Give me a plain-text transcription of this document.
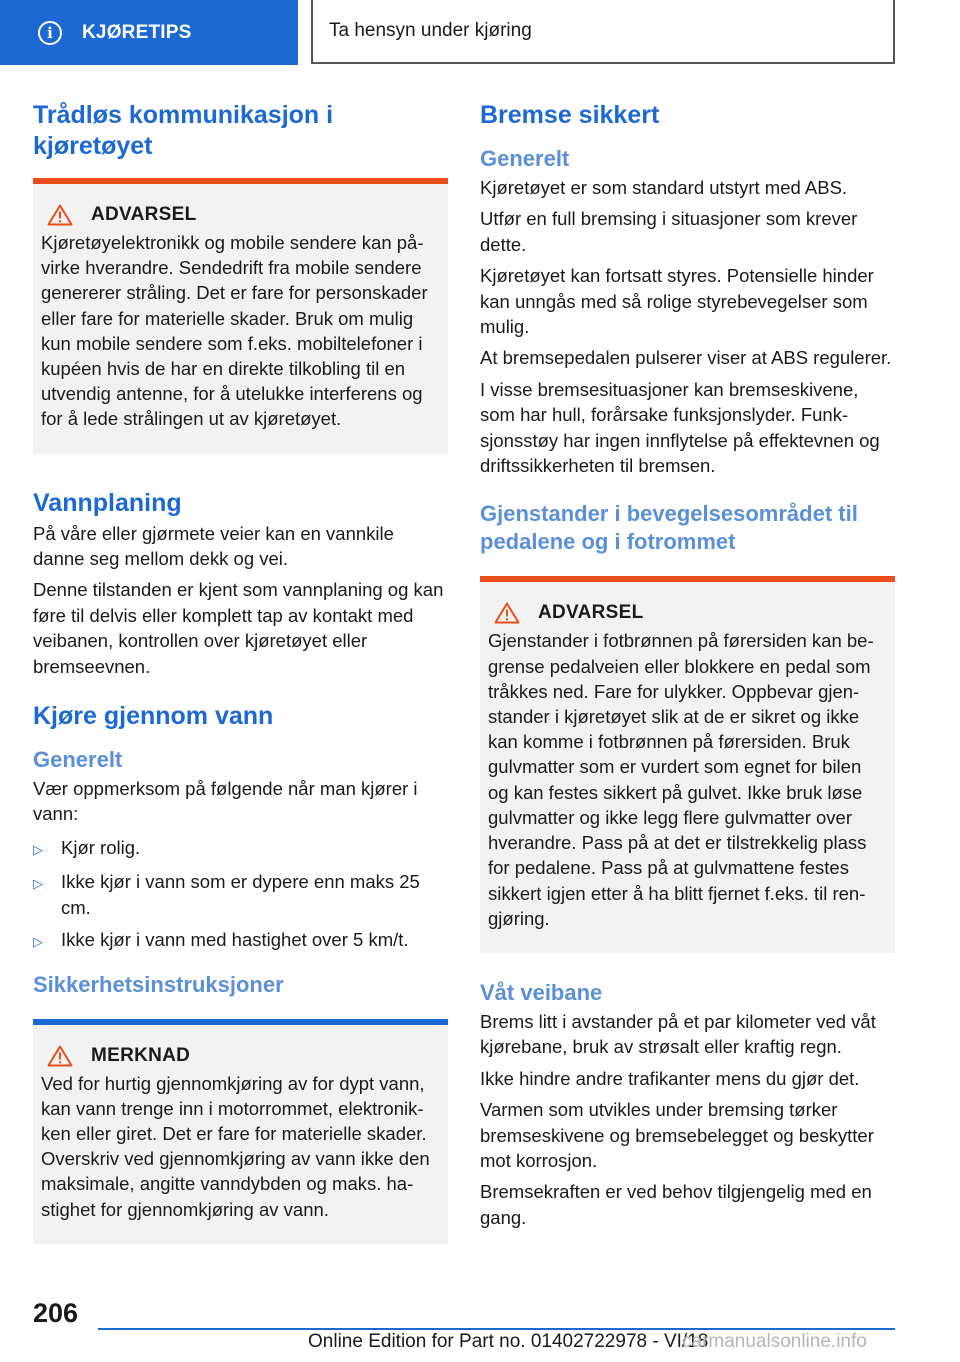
i	KJØRETIPS	Ta hensyn under kjøring
Trådløs kommunikasjon i kjøretøyet
ADVARSEL

Kjøretøyelektronikk og mobile sendere kan påvirke hverandre. Sendedrift fra mobile sendere genererer stråling. Det er fare for personskader eller fare for materielle skader. Bruk om mulig kun mobile sendere som f.eks. mobiltelefoner i kupéen hvis de har en direkte tilkobling til en utvendig antenne, for å utelukke interferens og for å lede strålingen ut av kjøretøyet.

Vannplaning

På våre eller gjørmete veier kan en vannkile danne seg mellom dekk og vei.

Denne tilstanden er kjent som vannplaning og kan føre til delvis eller komplett tap av kontakt med veibanen, kontrollen over kjøretøyet eller bremseevnen.

Kjøre gjennom vann
Generelt

Vær oppmerksom på følgende når man kjører i vann:

▷ Kjør rolig.
▷ Ikke kjør i vann som er dypere enn maks 25 cm.
▷ Ikke kjør i vann med hastighet over 5 km/t.
Sikkerhetsinstruksjoner
MERKNAD

Ved for hurtig gjennomkjøring av for dypt vann, kan vann trenge inn i motorrommet, elektronikken eller giret. Det er fare for materielle skader. Overskriv ved gjennomkjøring av vann ikke den maksimale, angitte vanndybden og maks. hastighet for gjennomkjøring av vann.

Bremse sikkert
Generelt

Kjøretøyet er som standard utstyrt med ABS.

Utfør en full bremsing i situasjoner som krever dette.

Kjøretøyet kan fortsatt styres. Potensielle hinder kan unngås med så rolige styrebevegelser som mulig.

At bremsepedalen pulserer viser at ABS regulerer.

I visse bremsesituasjoner kan bremseskivene, som har hull, forårsake funksjonslyder. Funksjonsstøy har ingen innflytelse på effektevnen og driftssikkerheten til bremsen.

Gjenstander i bevegelsesområdet til pedalene og i fotrommet
ADVARSEL

Gjenstander i fotbrønnen på førersiden kan begrense pedalveien eller blokkere en pedal som tråkkes ned. Fare for ulykker. Oppbevar gjenstander i kjøretøyet slik at de er sikret og ikke kan komme i fotbrønnen på førersiden. Bruk gulvmatter som er vurdert som egnet for bilen og kan festes sikkert på gulvet. Ikke bruk løse gulvmatter og ikke legg flere gulvmatter over hverandre. Pass på at det er tilstrekkelig plass for pedalene. Pass på at gulvmattene festes sikkert igjen etter å ha blitt fjernet f.eks. til rengjøring.

Våt veibane

Brems litt i avstander på et par kilometer ved våt kjørebane, bruk av strøsalt eller kraftig regn.

Ikke hindre andre trafikanter mens du gjør det.

Varmen som utvikles under bremsing tørker bremseskivene og bremsebelegget og beskytter mot korrosjon.

Bremsekraften er ved behov tilgjengelig med en gang.

206
Online Edition for Part no. 01402722978 - VI/18
carmanualsonline.info
